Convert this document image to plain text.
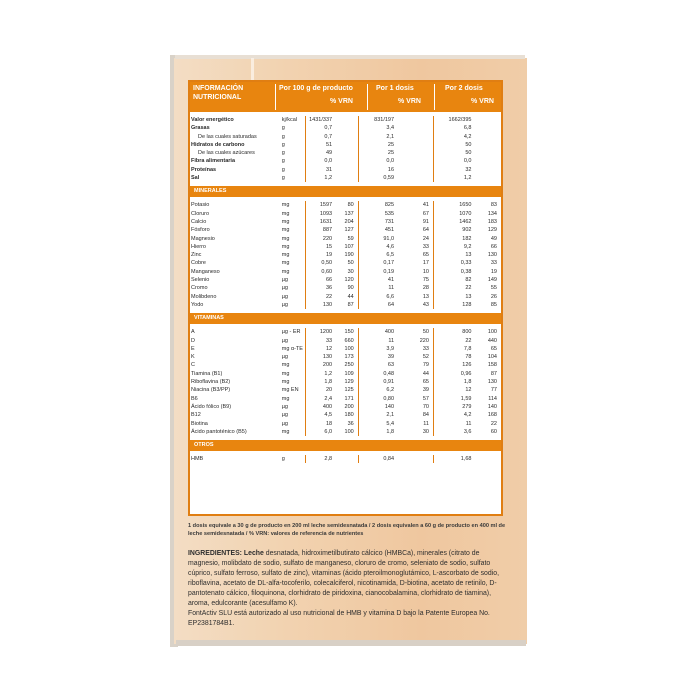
INFORMACIÓN
NUTRICIONAL
Por 100 g de producto
% VRN
Por 1 dosis
% VRN
Por 2 dosis
% VRN
Valor energético	kj/kcal	1431/337		831/197		1662/395	
Grasas	g	0,7		3,4		6,8	
De las cuales saturadas	g	0,7		2,1		4,2	
Hidratos de carbono	g	51		25		50	
De las cuales azúcares	g	49		25		50	
Fibra alimentaria	g	0,0		0,0		0,0	
Proteínas	g	31		16		32	
Sal	g	1,2		0,59		1,2	
MINERALES
Potasio	mg	1597	80	825	41	1650	83
Cloruro	mg	1093	137	535	67	1070	134
Calcio	mg	1631	204	731	91	1462	183
Fósforo	mg	887	127	451	64	902	129
Magnesio	mg	220	59	91,0	24	182	49
Hierro	mg	15	107	4,6	33	9,2	66
Zinc	mg	19	190	6,5	65	13	130
Cobre	mg	0,50	50	0,17	17	0,33	33
Manganeso	mg	0,60	30	0,19	10	0,38	19
Selenio	µg	66	120	41	75	82	149
Cromo	µg	36	90	11	28	22	55
Molibdeno	µg	22	44	6,6	13	13	26
Yodo	µg	130	87	64	43	128	85
VITAMINAS
A	µg - ER	1200	150	400	50	800	100
D	µg	33	660	11	220	22	440
E	mg α-TE	12	100	3,9	33	7,8	65
K	µg	130	173	39	52	78	104
C	mg	200	250	63	79	126	158
Tiamina (B1)	mg	1,2	109	0,48	44	0,96	87
Riboflavina (B2)	mg	1,8	129	0,91	65	1,8	130
Niacina (B3/PP)	mg EN	20	125	6,2	39	12	77
B6	mg	2,4	171	0,80	57	1,59	114
Ácido fólico (B9)	µg	400	200	140	70	279	140
B12	µg	4,5	180	2,1	84	4,2	168
Biotina	µg	18	36	5,4	11	11	22
Ácido pantoténico (B5)	mg	6,0	100	1,8	30	3,6	60
OTROS
HMB	g	2,8		0,84		1,68	
1 dosis equivale a 30 g de producto en 200 ml leche semidesnatada / 2 dosis equivalen a 60 g de producto en 400 ml de leche semidesnatada / % VRN: valores de referencia de nutrientes
INGREDIENTES: Leche desnatada, hidroximetilbutirato cálcico (HMBCa), minerales (citrato de magnesio, molibdato de sodio, sulfato de manganeso, cloruro de cromo, seleniato de sodio, sulfato cúprico, sulfato ferroso, sulfato de zinc), vitaminas (ácido pteroilmonoglutámico, L-ascorbato de sodio, riboflavina, acetato de DL-alfa-tocoferilo, colecalciferol, nicotinamida, D-biotina, acetato de retinilo, D-pantotenato cálcico, filoquinona, clorhidrato de piridoxina, cianocobalamina, clorhidrato de tiamina), aroma, edulcorante (acesulfamo K).
FontActiv SLU está autorizado al uso nutricional de HMB y vitamina D bajo la Patente Europea No. EP2381784B1.
